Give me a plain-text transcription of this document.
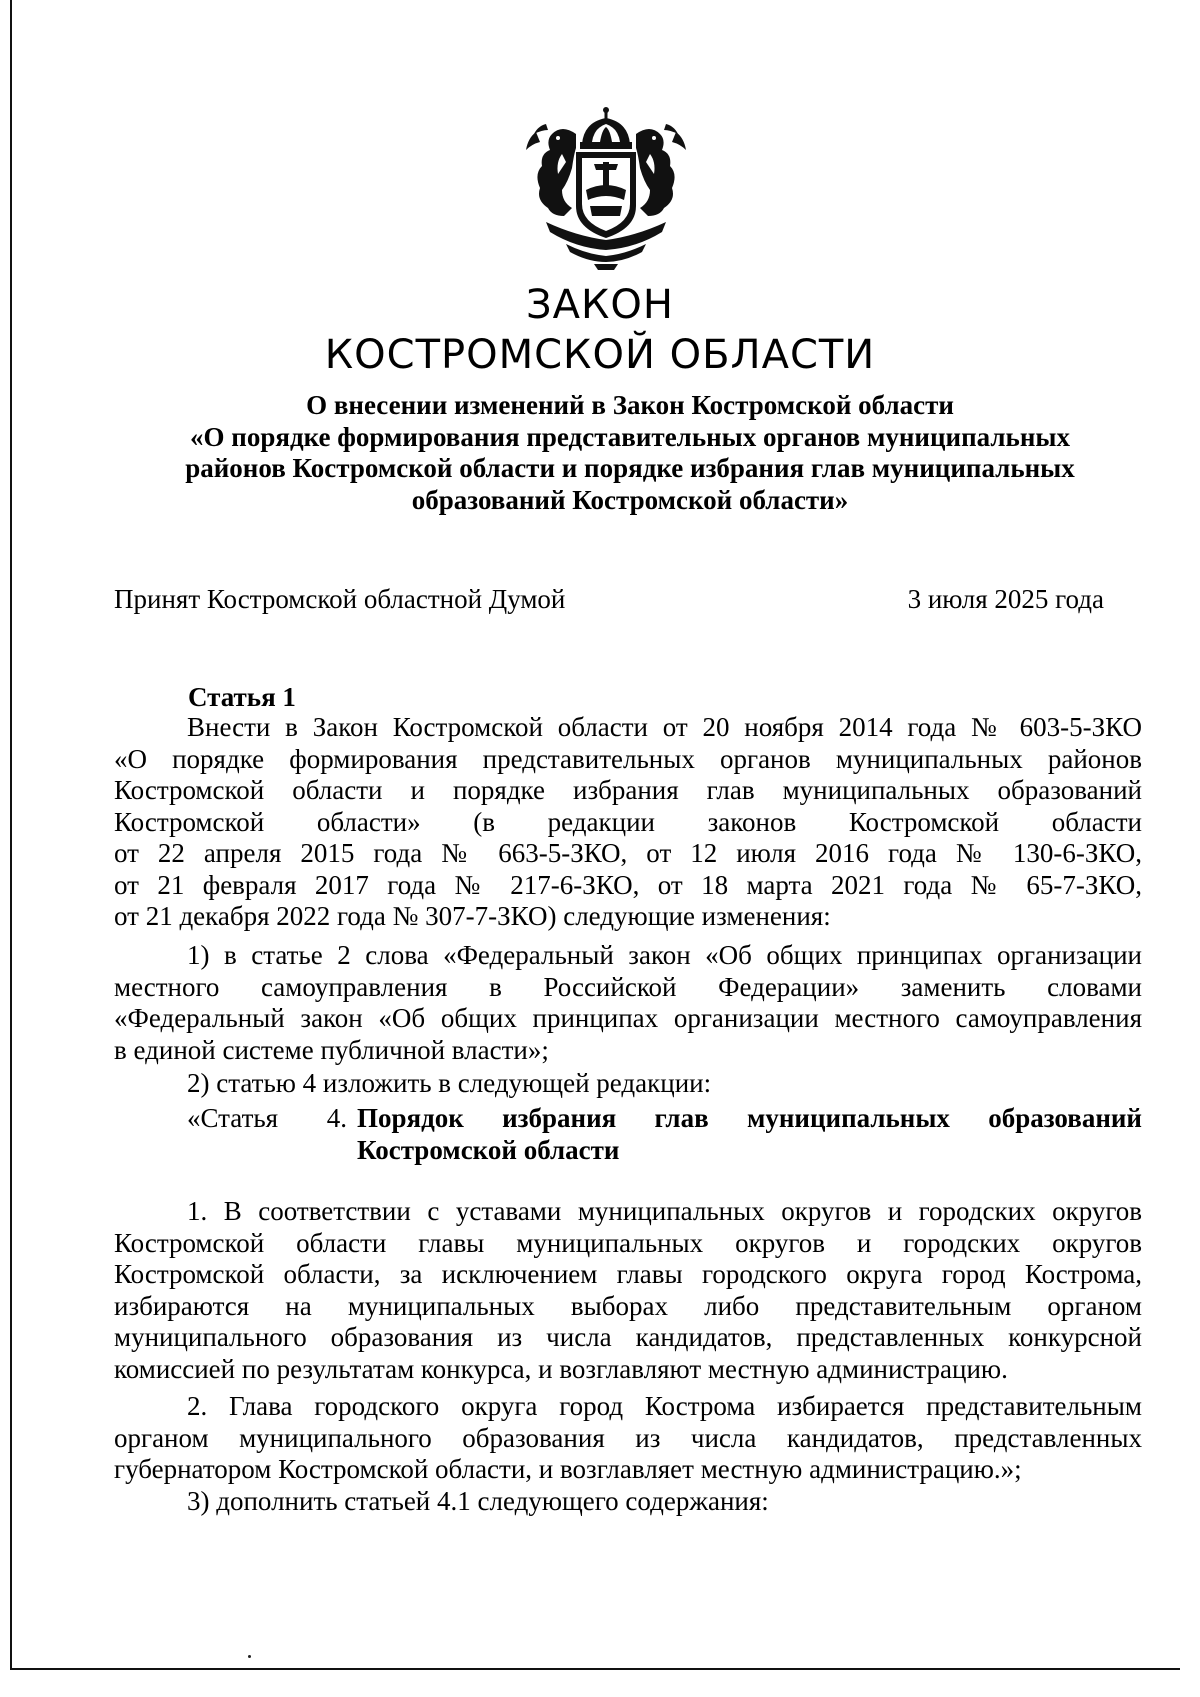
ЗАКОН
КОСТРОМСКОЙ ОБЛАСТИ
О внесении изменений в Закон Костромской области
«О порядке формирования представительных органов муниципальных
районов Костромской области и порядке избрания глав муниципальных
образований Костромской области»
Принят Костромской областной Думой	3 июля 2025 года
Статья 1
Внести в Закон Костромской области от 20 ноября 2014 года № 603-5-ЗКО
«О порядке формирования представительных органов муниципальных районов
Костромской области и порядке избрания глав муниципальных образований
Костромской области» (в редакции законов Костромской области
от 22 апреля 2015 года № 663-5-ЗКО, от 12 июля 2016 года № 130-6-ЗКО,
от 21 февраля 2017 года № 217-6-ЗКО, от 18 марта 2021 года № 65-7-ЗКО,
от 21 декабря 2022 года № 307-7-ЗКО) следующие изменения:
1) в статье 2 слова «Федеральный закон «Об общих принципах организации
местного самоуправления в Российской Федерации» заменить словами
«Федеральный закон «Об общих принципах организации местного самоуправления
в единой системе публичной власти»;
2) статью 4 изложить в следующей редакции:
«Статья 4. Порядок избрания глав муниципальных образований
Костромской области
1. В соответствии с уставами муниципальных округов и городских округов
Костромской области главы муниципальных округов и городских округов
Костромской области, за исключением главы городского округа город Кострома,
избираются на муниципальных выборах либо представительным органом
муниципального образования из числа кандидатов, представленных конкурсной
комиссией по результатам конкурса, и возглавляют местную администрацию.
2. Глава городского округа город Кострома избирается представительным
органом муниципального образования из числа кандидатов, представленных
губернатором Костромской области, и возглавляет местную администрацию.»;
3) дополнить статьей 4.1 следующего содержания:
